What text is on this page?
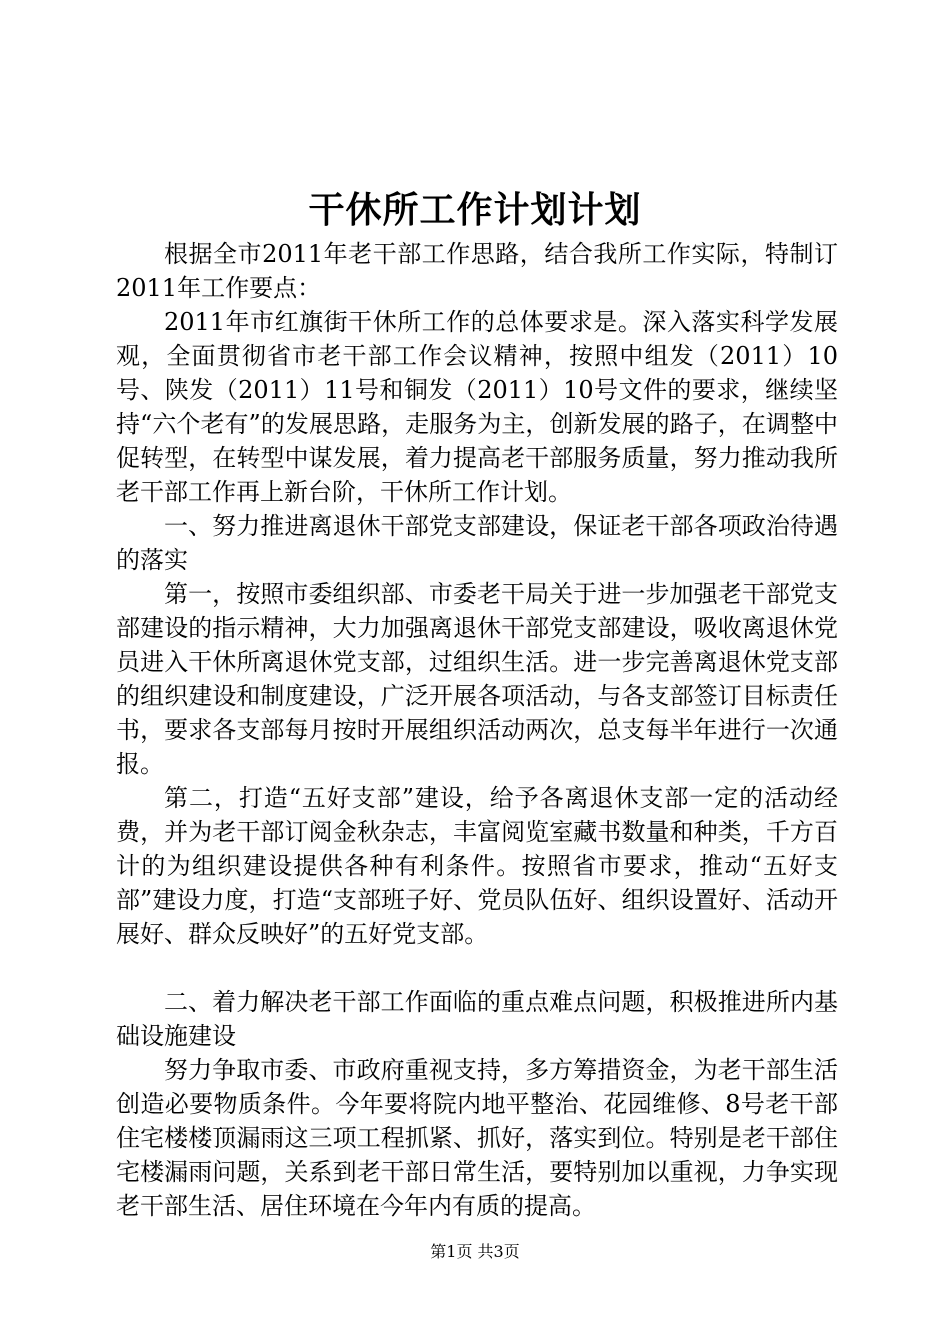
干休所工作计划计划

根据全市2011年老干部工作思路，结合我所工作实际，特制订2011年工作要点：

2011年市红旗街干休所工作的总体要求是。深入落实科学发展观，全面贯彻省市老干部工作会议精神，按照中组发（2011）10号、陕发（2011）11号和铜发（2011）10号文件的要求，继续坚持“六个老有”的发展思路，走服务为主，创新发展的路子，在调整中促转型，在转型中谋发展，着力提高老干部服务质量，努力推动我所老干部工作再上新台阶，干休所工作计划。

一、努力推进离退休干部党支部建设，保证老干部各项政治待遇的落实

第一，按照市委组织部、市委老干局关于进一步加强老干部党支部建设的指示精神，大力加强离退休干部党支部建设，吸收离退休党员进入干休所离退休党支部，过组织生活。进一步完善离退休党支部的组织建设和制度建设，广泛开展各项活动，与各支部签订目标责任书，要求各支部每月按时开展组织活动两次，总支每半年进行一次通报。

第二，打造“五好支部”建设，给予各离退休支部一定的活动经费，并为老干部订阅金秋杂志，丰富阅览室藏书数量和种类，千方百计的为组织建设提供各种有利条件。按照省市要求，推动“五好支部”建设力度，打造“支部班子好、党员队伍好、组织设置好、活动开展好、群众反映好”的五好党支部。

二、着力解决老干部工作面临的重点难点问题，积极推进所内基础设施建设

努力争取市委、市政府重视支持，多方筹措资金，为老干部生活创造必要物质条件。今年要将院内地平整治、花园维修、8号老干部住宅楼楼顶漏雨这三项工程抓紧、抓好，落实到位。特别是老干部住宅楼漏雨问题，关系到老干部日常生活，要特别加以重视，力争实现老干部生活、居住环境在今年内有质的提高。

第1页 共3页
